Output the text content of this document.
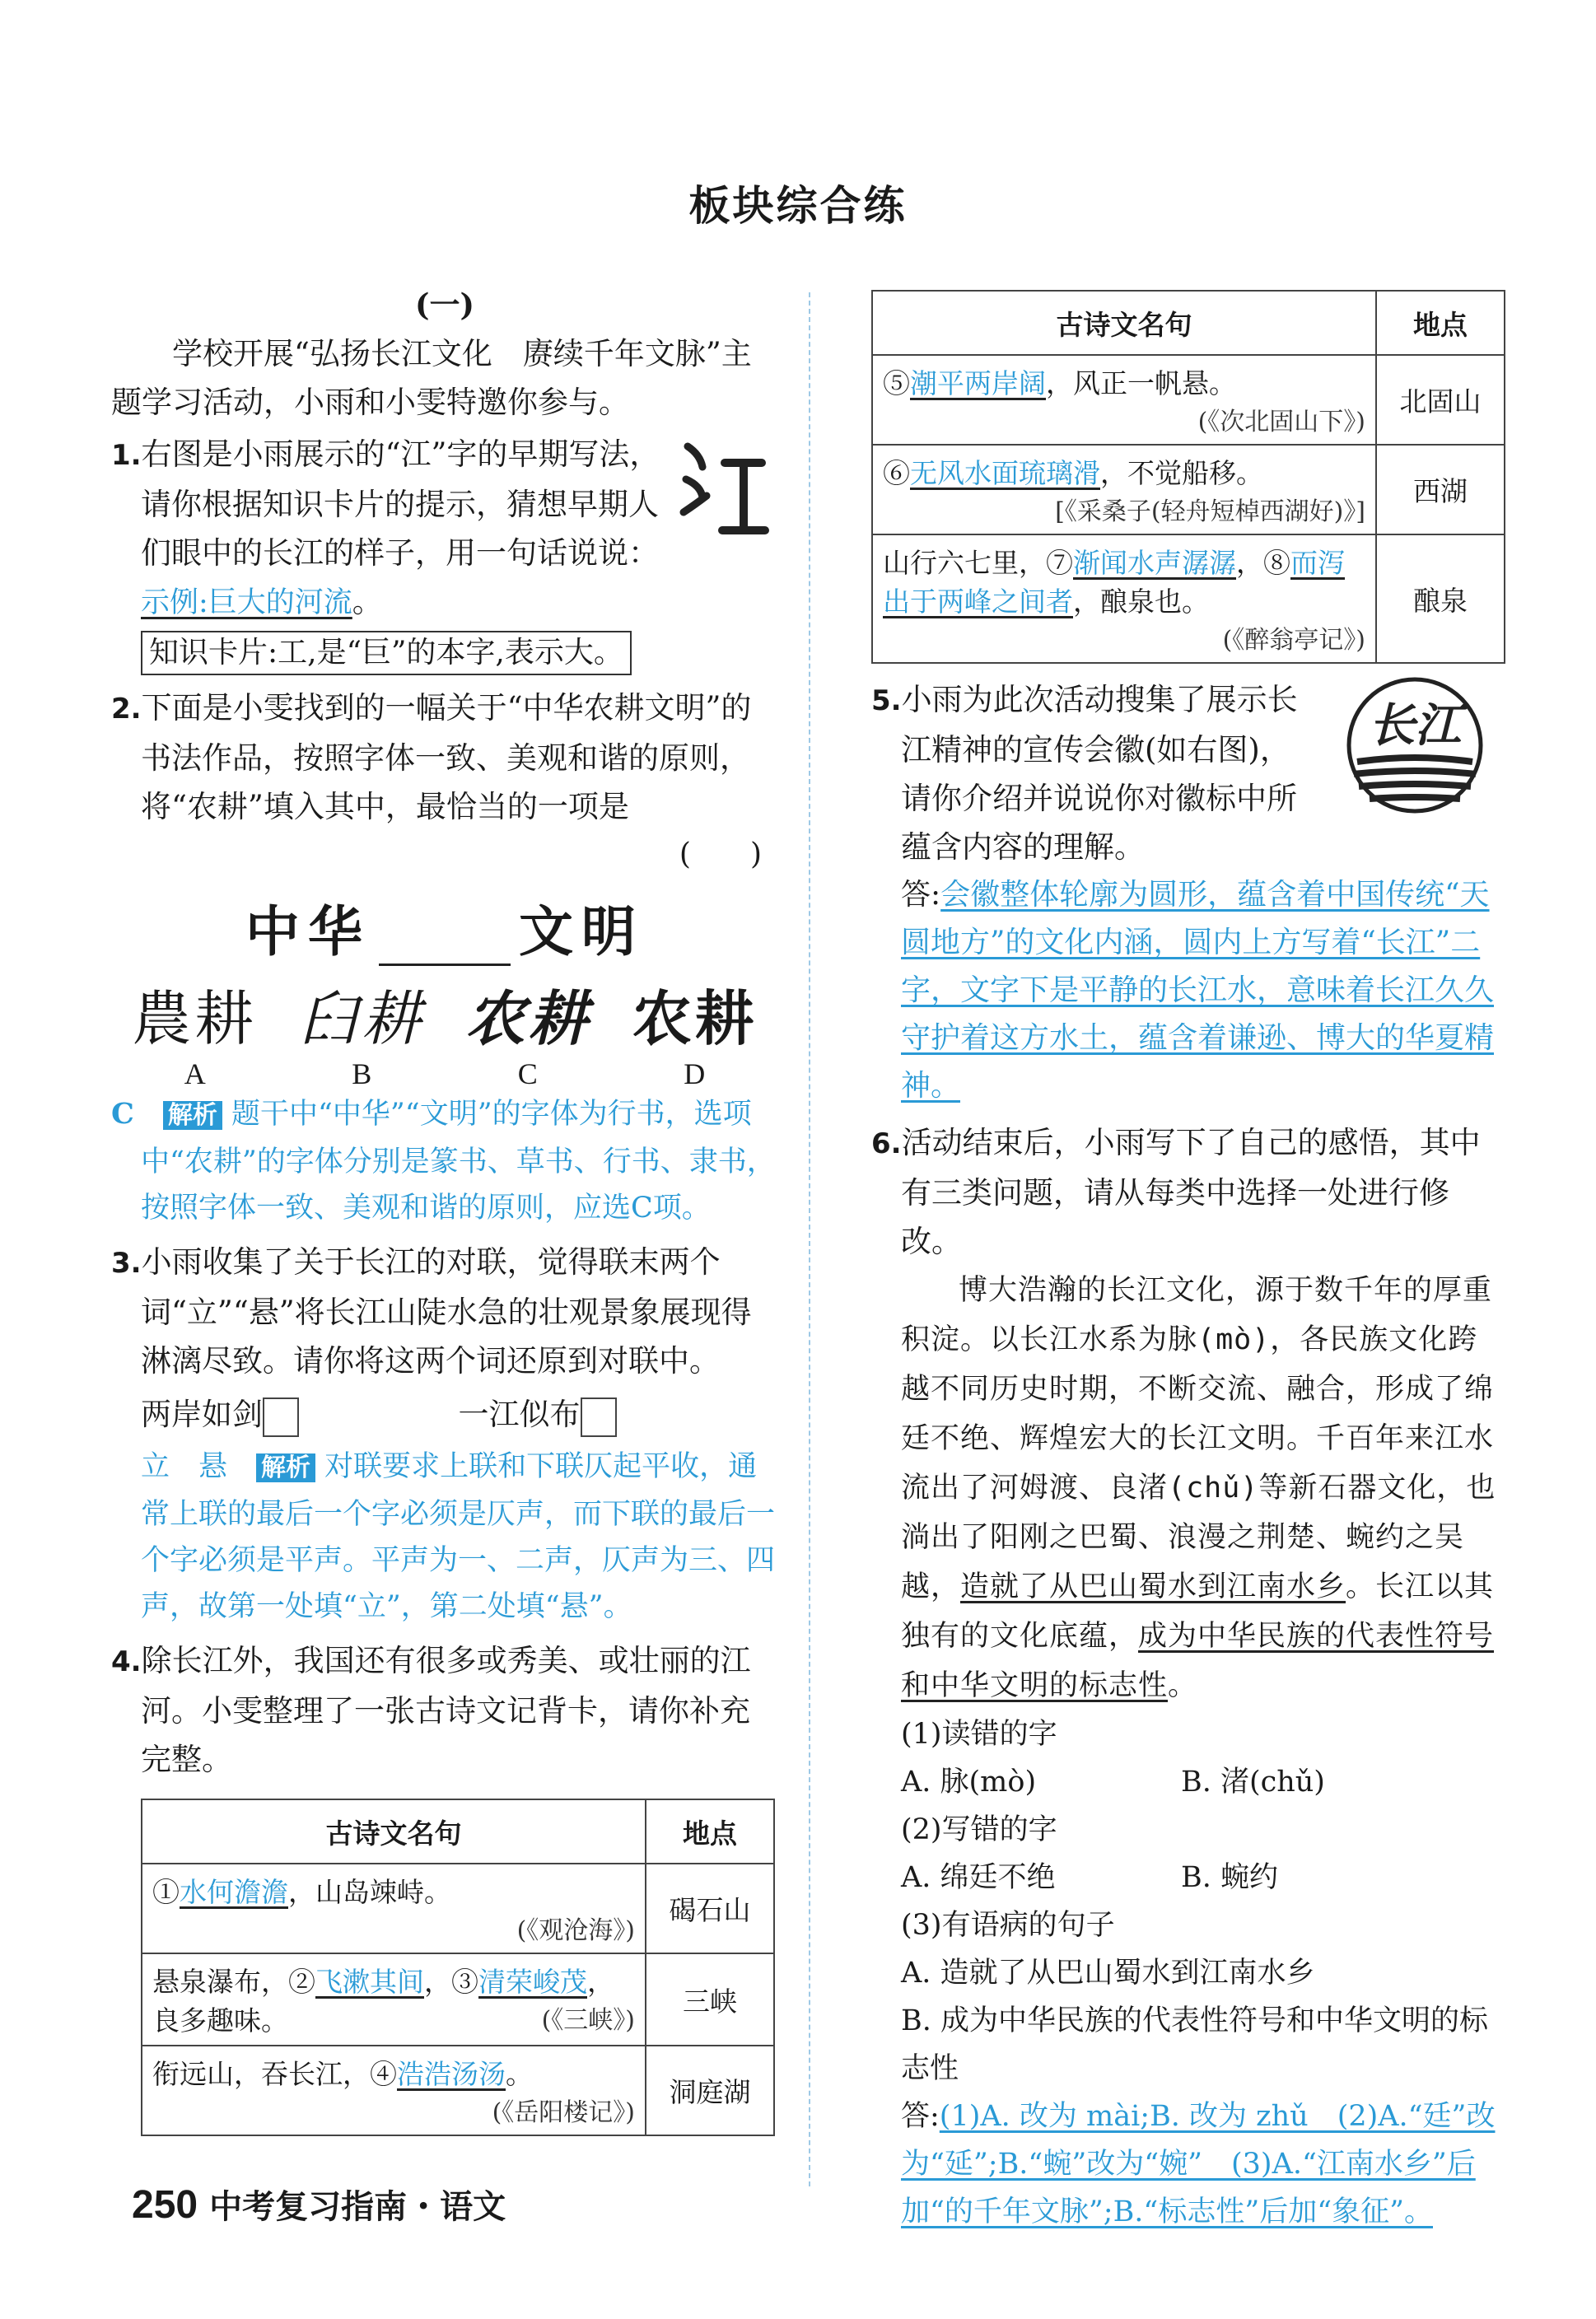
板块综合练
(一)
学校开展“弘扬长江文化　赓续千年文脉”主题学习活动，小雨和小雯特邀你参与。
1.右图是小雨展示的“江”字的早期写法，请你根据知识卡片的提示，猜想早期人们眼中的长江的样子，用一句话说说：
示例:巨大的河流。
知识卡片:工,是“巨”的本字,表示大。
2.下面是小雯找到的一幅关于“中华农耕文明”的书法作品，按照字体一致、美观和谐的原则，将“农耕”填入其中，最恰当的一项是
(　　)
中华	文明
農耕 𦥑耕 农耕 农耕
A	B	C	D
C　 解析 题干中“中华”“文明”的字体为行书，选项中“农耕”的字体分别是篆书、草书、行书、隶书，按照字体一致、美观和谐的原则，应选C项。
3.小雨收集了关于长江的对联，觉得联末两个词“立”“悬”将长江山陡水急的壮观景象展现得淋漓尽致。请你将这两个词还原到对联中。
两岸如剑	一江似布
立　悬　 解析 对联要求上联和下联仄起平收，通常上联的最后一个字必须是仄声，而下联的最后一个字必须是平声。平声为一、二声，仄声为三、四声，故第一处填“立”，第二处填“悬”。
4.除长江外，我国还有很多或秀美、或壮丽的江河。小雯整理了一张古诗文记背卡，请你补充完整。
古诗文名句	地点

①水何澹澹，山岛竦峙。
(《观沧海》)	碣石山

悬泉瀑布，②飞漱其间，③清荣峻茂，良多趣味。 (《三峡》)	三峡

衔远山，吞长江，④浩浩汤汤。
(《岳阳楼记》)	洞庭湖
古诗文名句	地点

⑤潮平两岸阔，风正一帆悬。
(《次北固山下》)	北固山

⑥无风水面琉璃滑，不觉船移。
[《采桑子(轻舟短棹西湖好)》]	西湖

山行六七里，⑦渐闻水声潺潺，⑧而泻出于两峰之间者，酿泉也。
(《醉翁亭记》)	酿泉
长江
5.小雨为此次活动搜集了展示长江精神的宣传会徽(如右图)，请你介绍并说说你对徽标中所蕴含内容的理解。
答:会徽整体轮廓为圆形，蕴含着中国传统“天圆地方”的文化内涵，圆内上方写着“长江”二字，文字下是平静的长江水，意味着长江久久守护着这方水土，蕴含着谦逊、博大的华夏精神。
6.活动结束后，小雨写下了自己的感悟，其中有三类问题，请从每类中选择一处进行修改。
博大浩瀚的长江文化，源于数千年的厚重积淀。以长江水系为脉(mò)，各民族文化跨越不同历史时期，不断交流、融合，形成了绵廷不绝、辉煌宏大的长江文明。千百年来江水流出了河姆渡、良渚(chǔ)等新石器文化，也淌出了阳刚之巴蜀、浪漫之荆楚、蜿约之吴越，造就了从巴山蜀水到江南水乡。长江以其独有的文化底蕴，成为中华民族的代表性符号和中华文明的标志性。
(1)读错的字
A. 脉(mò)	B. 渚(chǔ)
(2)写错的字
A. 绵廷不绝	B. 蜿约
(3)有语病的句子
A. 造就了从巴山蜀水到江南水乡
B. 成为中华民族的代表性符号和中华文明的标志性
答:(1)A. 改为 mài;B. 改为 zhǔ　(2)A.“廷”改为“延”;B.“蜿”改为“婉”　(3)A.“江南水乡”后加“的千年文脉”;B.“标志性”后加“象征”。
250 中考复习指南・语文
